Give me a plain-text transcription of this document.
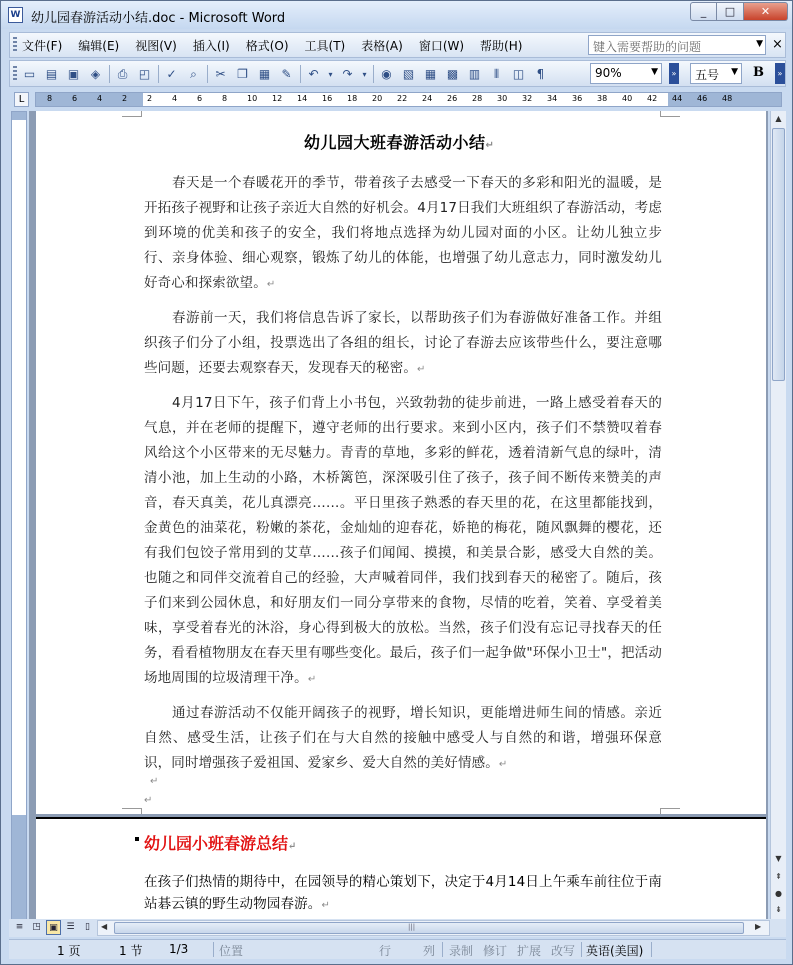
W 幼儿园春游活动小结.doc - Microsoft Word	_	□	✕
文件(F) 编辑(E) 视图(V) 插入(I) 格式(O) 工具(T) 表格(A) 窗口(W) 帮助(H)	键入需要帮助的问题	▼ ×
▭ ▤ ▣ ◈	⎙ ◰ ✓	⌕	✂ ❐ ▦ ✎ ↶	▾ ↷	▾ ◉ ▧ ▦ ▩ ▥	⫴	◫	¶	90%	▼	»	五号 ▼ B	»
L	8 6 4 2 2 4 6 8 10 12 14 16 18 20 22 24 26 28 30 32 34 36 38 40 42 44 46 48
幼儿园大班春游活动小结↵
春天是一个春暖花开的季节，带着孩子去感受一下春天的多彩和阳光的温暖，是开拓孩子视野和让孩子亲近大自然的好机会。4月17日我们大班组织了春游活动，考虑到环境的优美和孩子的安全，我们将地点选择为幼儿园对面的小区。让幼儿独立步行、亲身体验、细心观察，锻炼了幼儿的体能，也增强了幼儿意志力，同时激发幼儿好奇心和探索欲望。↵
春游前一天，我们将信息告诉了家长，以帮助孩子们为春游做好准备工作。并组织孩子们分了小组，投票选出了各组的组长，讨论了春游去应该带些什么，要注意哪些问题，还要去观察春天，发现春天的秘密。↵
4月17日下午，孩子们背上小书包，兴致勃勃的徒步前进，一路上感受着春天的气息，并在老师的提醒下，遵守老师的出行要求。来到小区内，孩子们不禁赞叹着春风给这个小区带来的无尽魅力。青青的草地，多彩的鲜花，透着清新气息的绿叶，清清小池，加上生动的小路，木桥篱笆，深深吸引住了孩子，孩子间不断传来赞美的声音，春天真美，花儿真漂亮……。平日里孩子熟悉的春天里的花，在这里都能找到，金黄色的油菜花，粉嫩的茶花，金灿灿的迎春花，娇艳的梅花，随风飘舞的樱花，还有我们包饺子常用到的艾草……孩子们闻闻、摸摸，和美景合影，感受大自然的美。也随之和同伴交流着自己的经验，大声喊着同伴，我们找到春天的秘密了。随后，孩子们来到公园休息，和好朋友们一同分享带来的食物，尽情的吃着，笑着、享受着美味，享受着春光的沐浴，身心得到极大的放松。当然，孩子们没有忘记寻找春天的任务，看看植物朋友在春天里有哪些变化。最后，孩子们一起争做"环保小卫士"，把活动场地周围的垃圾清理干净。↵
通过春游活动不仅能开阔孩子的视野，增长知识，更能增进师生间的情感。亲近自然、感受生活，让孩子们在与大自然的接触中感受人与自然的和谐，增强环保意识，同时增强孩子爱祖国、爱家乡、爱大自然的美好情感。↵
↵
↵
幼儿园小班春游总结↵
在孩子们热情的期待中，在园领导的精心策划下，决定于4月14日上午乘车前往位于南站碁云镇的野生动物园春游。↵
▲
▼
⇞
●
⇟
≡ ◳ ▣ ☰	▯	◀	|||	▶
1 页	1 节 1/3	位置	行	列 录制 修订 扩展 改写 英语(美国)
